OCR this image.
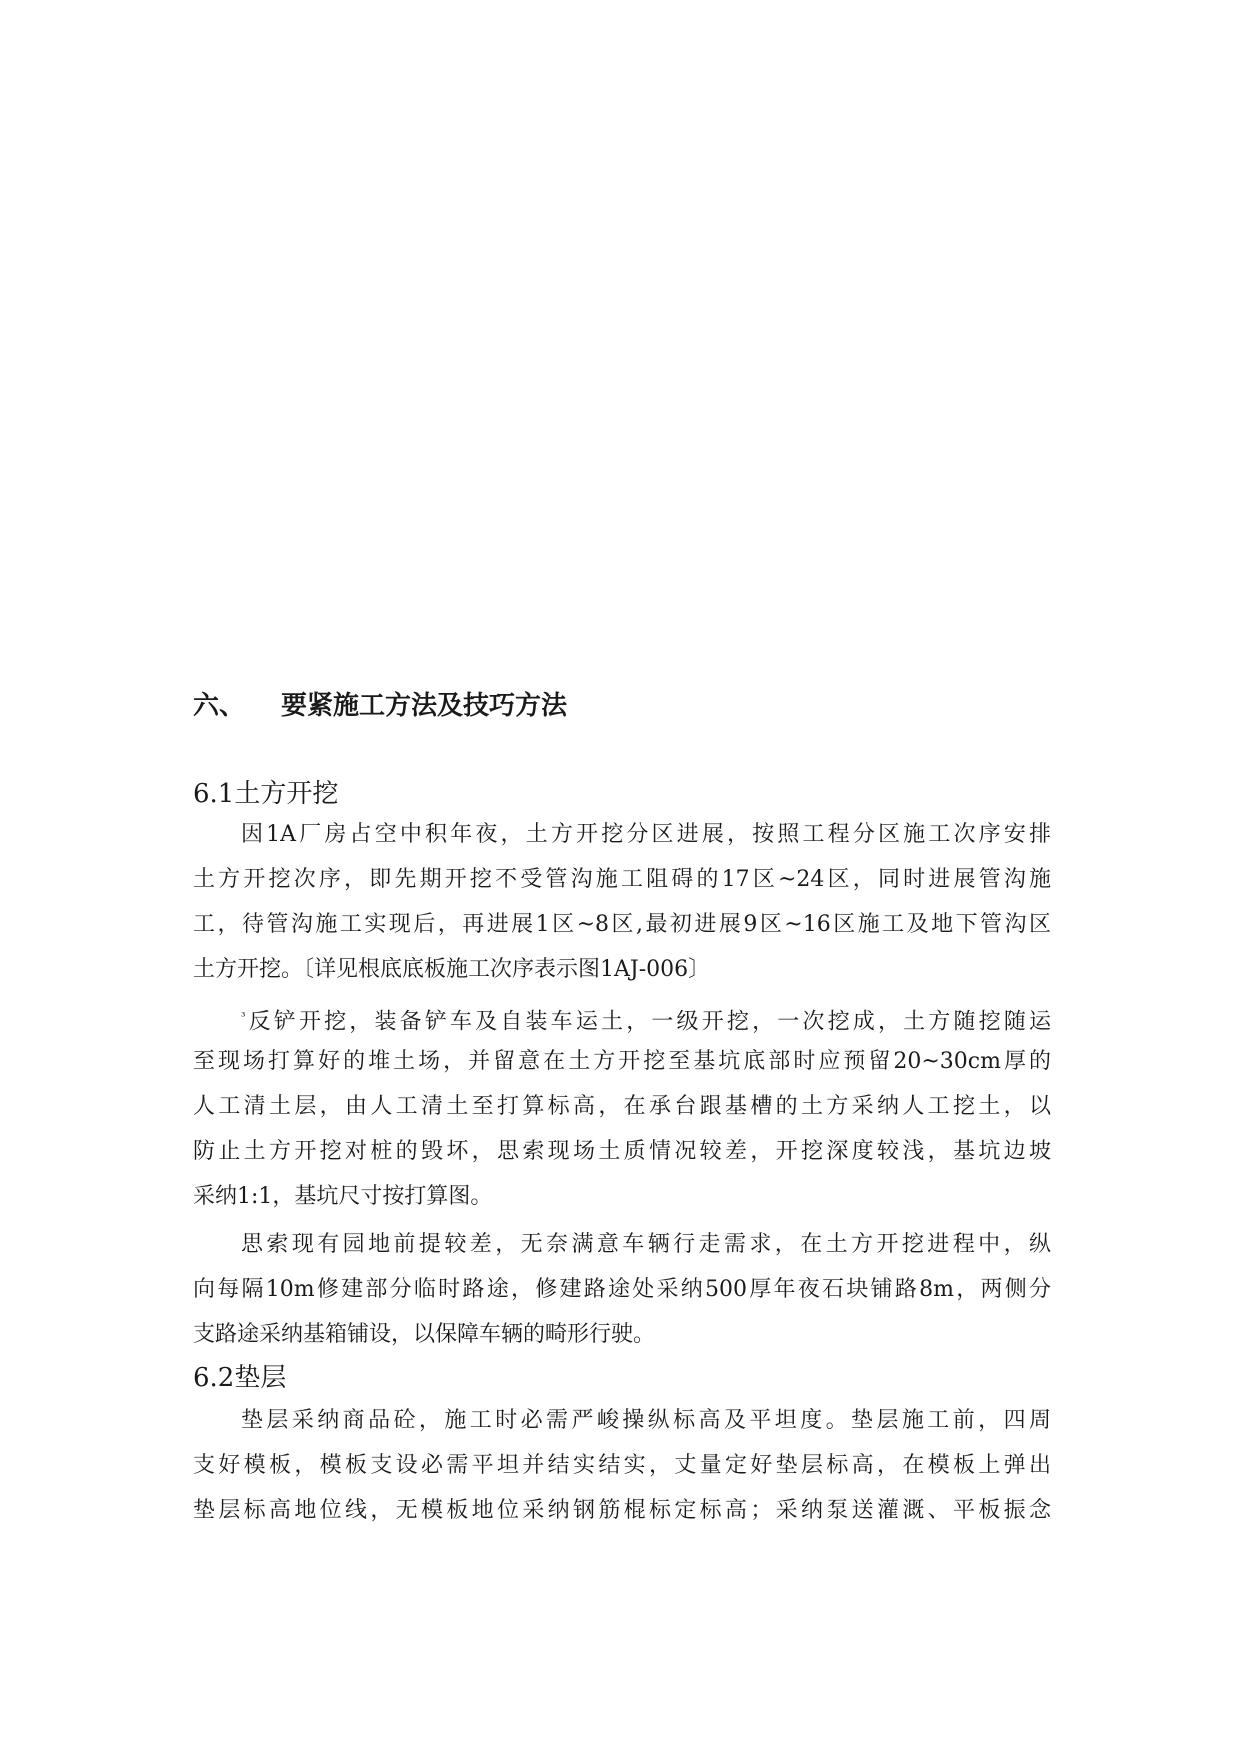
六、 要紧施工方法及技巧方法
6.1土方开挖
因1A厂房占空中积年夜，土方开挖分区进展，按照工程分区施工次序安排
土方开挖次序，即先期开挖不受管沟施工阻碍的17区~24区，同时进展管沟施
工，待管沟施工实现后，再进展1区~8区,最初进展9区~16区施工及地下管沟区
土方开挖。〔详见根底底板施工次序表示图1AJ-006〕
$^{^3}$反铲开挖，装备铲车及自装车运土，一级开挖，一次挖成，土方随挖随运
至现场打算好的堆土场，并留意在土方开挖至基坑底部时应预留20~30cm厚的
人工清土层，由人工清土至打算标高，在承台跟基槽的土方采纳人工挖土，以
防止土方开挖对桩的毁坏，思索现场土质情况较差，开挖深度较浅，基坑边坡
采纳1:1，基坑尺寸按打算图。
思索现有园地前提较差，无奈满意车辆行走需求，在土方开挖进程中，纵
向每隔10m修建部分临时路途，修建路途处采纳500厚年夜石块铺路8m，两侧分
支路途采纳基箱铺设，以保障车辆的畸形行驶。
6.2垫层
垫层采纳商品砼，施工时必需严峻操纵标高及平坦度。垫层施工前，四周
支好模板，模板支设必需平坦并结实结实，丈量定好垫层标高，在模板上弹出
垫层标高地位线，无模板地位采纳钢筋棍标定标高；采纳泵送灌溉、平板振念
